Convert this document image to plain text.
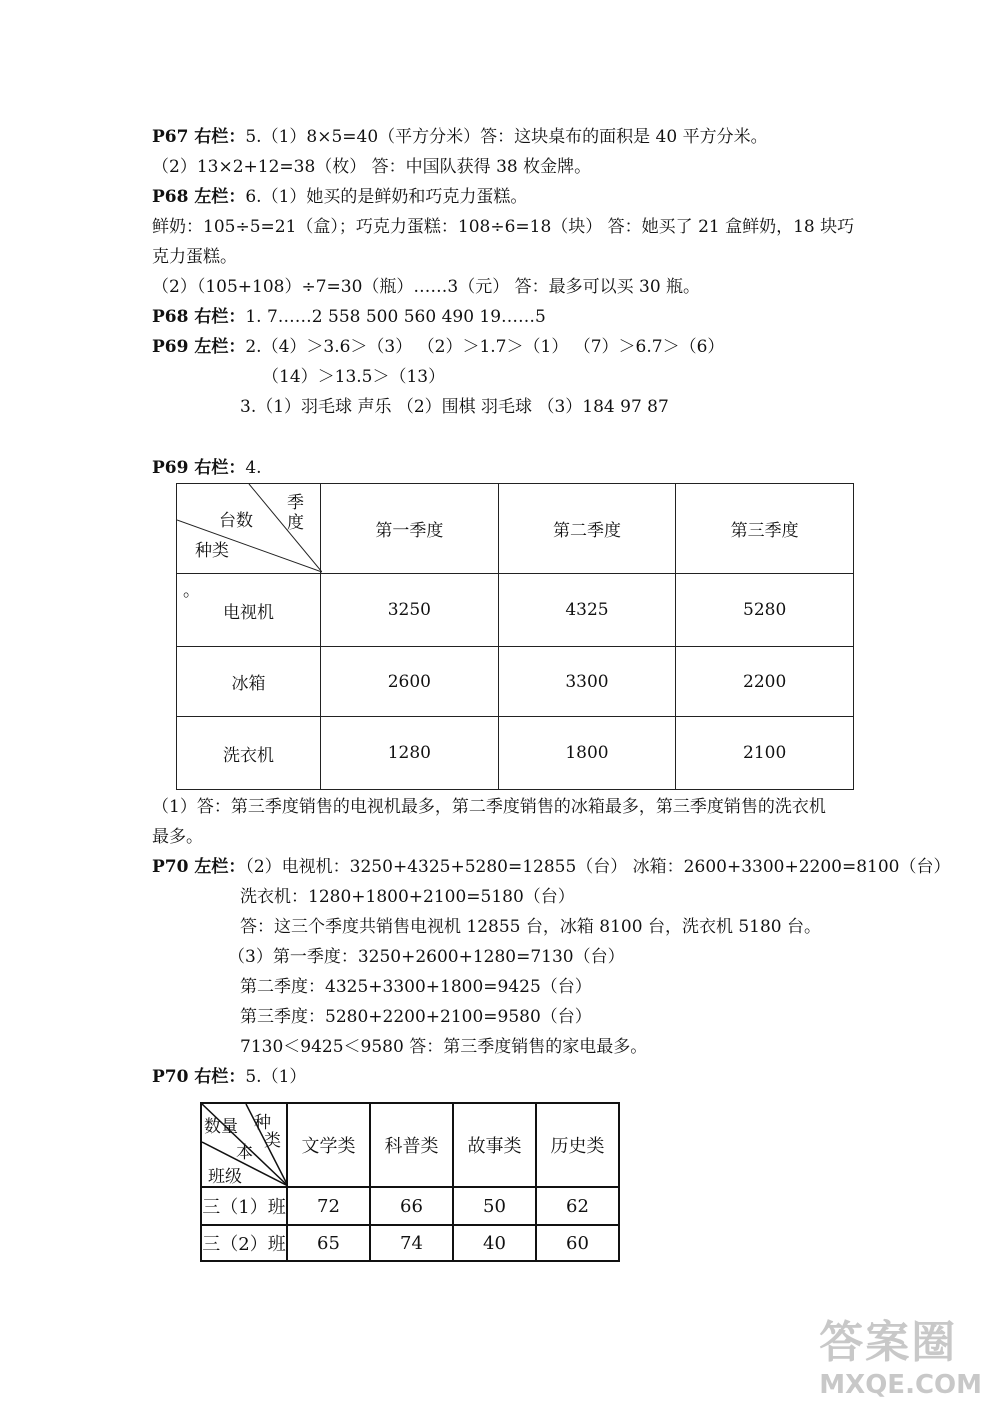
P67 右栏：5.（1）8×5=40（平方分米）答：这块桌布的面积是 40 平方分米。
（2）13×2+12=38（枚） 答：中国队获得 38 枚金牌。
P68 左栏：6.（1）她买的是鲜奶和巧克力蛋糕。
鲜奶：105÷5=21（盒）；巧克力蛋糕：108÷6=18（块） 答：她买了 21 盒鲜奶，18 块巧
克力蛋糕。
（2）（105+108）÷7=30（瓶）……3（元） 答：最多可以买 30 瓶。
P68 右栏：1. 7……2 558 500 560 490 19……5
P69 左栏：2.（4）＞3.6＞（3） （2）＞1.7＞（1） （7）＞6.7＞（6）
（14）＞13.5＞（13）
3.（1）羽毛球 声乐 （2）围棋 羽毛球 （3）184 97 87
P69 右栏：4.
季
度
台数
种类	第一季度	第二季度	第三季度

。
电视机	3250	4325	5280
冰箱	2600	3300	2200
洗衣机	1280	1800	2100
（1）答：第三季度销售的电视机最多，第二季度销售的冰箱最多，第三季度销售的洗衣机
最多。
P70 左栏：（2）电视机：3250+4325+5280=12855（台） 冰箱：2600+3300+2200=8100（台）
洗衣机：1280+1800+2100=5180（台）
答：这三个季度共销售电视机 12855 台，冰箱 8100 台，洗衣机 5180 台。
（3）第一季度：3250+2600+1280=7130（台）
第二季度：4325+3300+1800=9425（台）
第三季度：5280+2200+2100=9580（台）
7130＜9425＜9580 答：第三季度销售的家电最多。
P70 右栏：5.（1）
数量 种
类
本
班级	文学类	科普类	故事类	历史类
三（1）班	72	66	50	62
三（2）班	65	74	40	60
答案圈
MXQE.COM
